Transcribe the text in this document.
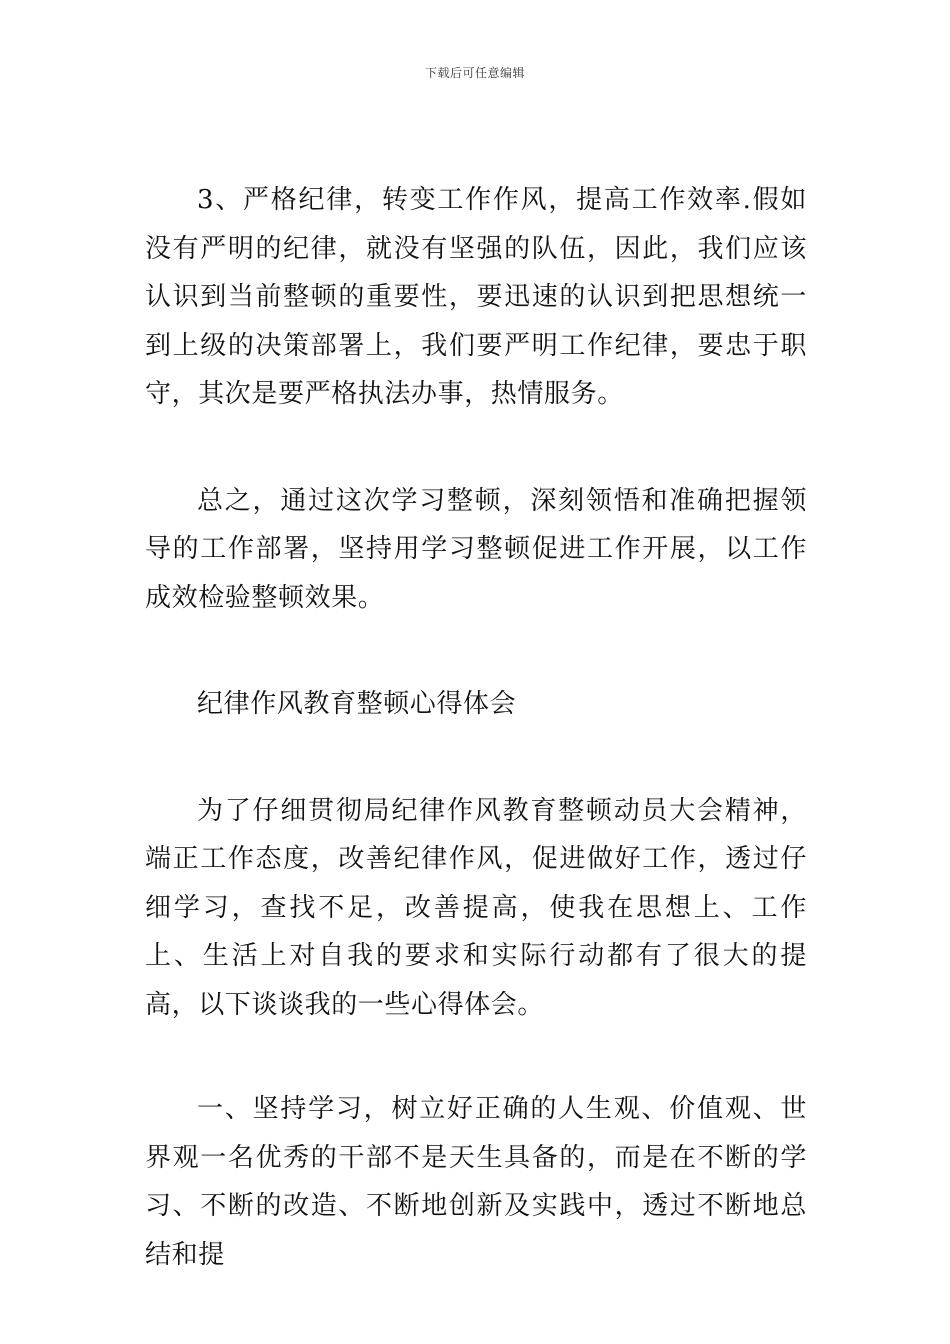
下载后可任意编辑

3、严格纪律，转变工作作风，提高工作效率.假如没有严明的纪律，就没有坚强的队伍，因此，我们应该认识到当前整顿的重要性，要迅速的认识到把思想统一到上级的决策部署上，我们要严明工作纪律，要忠于职守，其次是要严格执法办事，热情服务。

总之，通过这次学习整顿，深刻领悟和准确把握领导的工作部署，坚持用学习整顿促进工作开展，以工作成效检验整顿效果。

纪律作风教育整顿心得体会

为了仔细贯彻局纪律作风教育整顿动员大会精神，端正工作态度，改善纪律作风，促进做好工作，透过仔细学习，查找不足，改善提高，使我在思想上、工作上、生活上对自我的要求和实际行动都有了很大的提高，以下谈谈我的一些心得体会。

一、坚持学习，树立好正确的人生观、价值观、世界观一名优秀的干部不是天生具备的，而是在不断的学习、不断的改造、不断地创新及实践中，透过不断地总结和提
